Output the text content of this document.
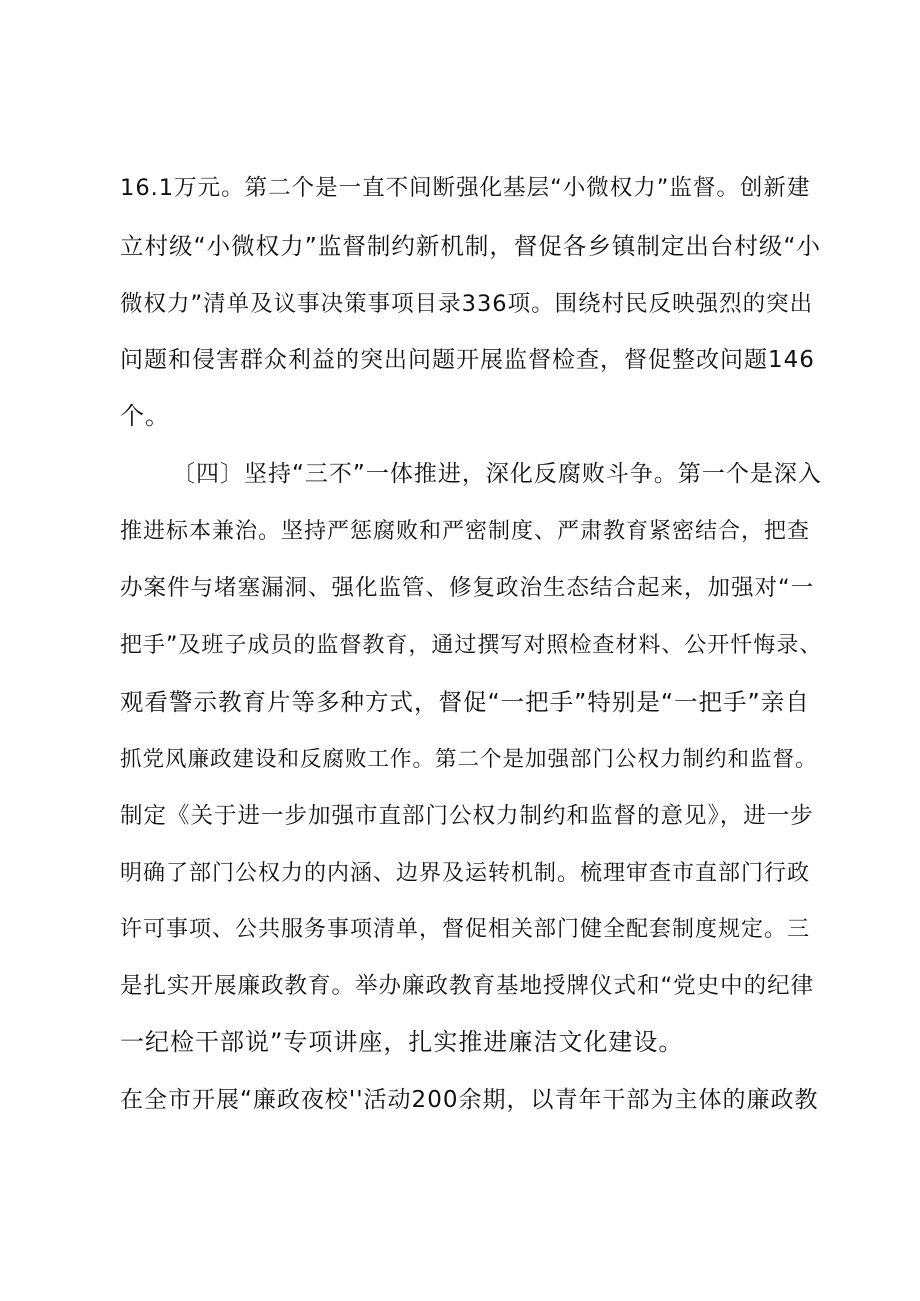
16.1万元。第二个是一直不间断强化基层“小微权力”监督。创新建
立村级“小微权力”监督制约新机制，督促各乡镇制定出台村级“小
微权力”清单及议事决策事项目录336项。围绕村民反映强烈的突出
问题和侵害群众利益的突出问题开展监督检查，督促整改问题146
个。
〔四〕坚持“三不”一体推进，深化反腐败斗争。第一个是深入
推进标本兼治。坚持严惩腐败和严密制度、严肃教育紧密结合，把查
办案件与堵塞漏洞、强化监管、修复政治生态结合起来，加强对“一
把手”及班子成员的监督教育，通过撰写对照检查材料、公开忏悔录、
观看警示教育片等多种方式，督促“一把手”特别是“一把手”亲自
抓党风廉政建设和反腐败工作。第二个是加强部门公权力制约和监督。
制定《关于进一步加强市直部门公权力制约和监督的意见》，进一步
明确了部门公权力的内涵、边界及运转机制。梳理审查市直部门行政
许可事项、公共服务事项清单，督促相关部门健全配套制度规定。三
是扎实开展廉政教育。举办廉政教育基地授牌仪式和“党史中的纪律
一纪检干部说”专项讲座，扎实推进廉洁文化建设。
在全市开展“廉政夜校''活动200余期，以青年干部为主体的廉政教
